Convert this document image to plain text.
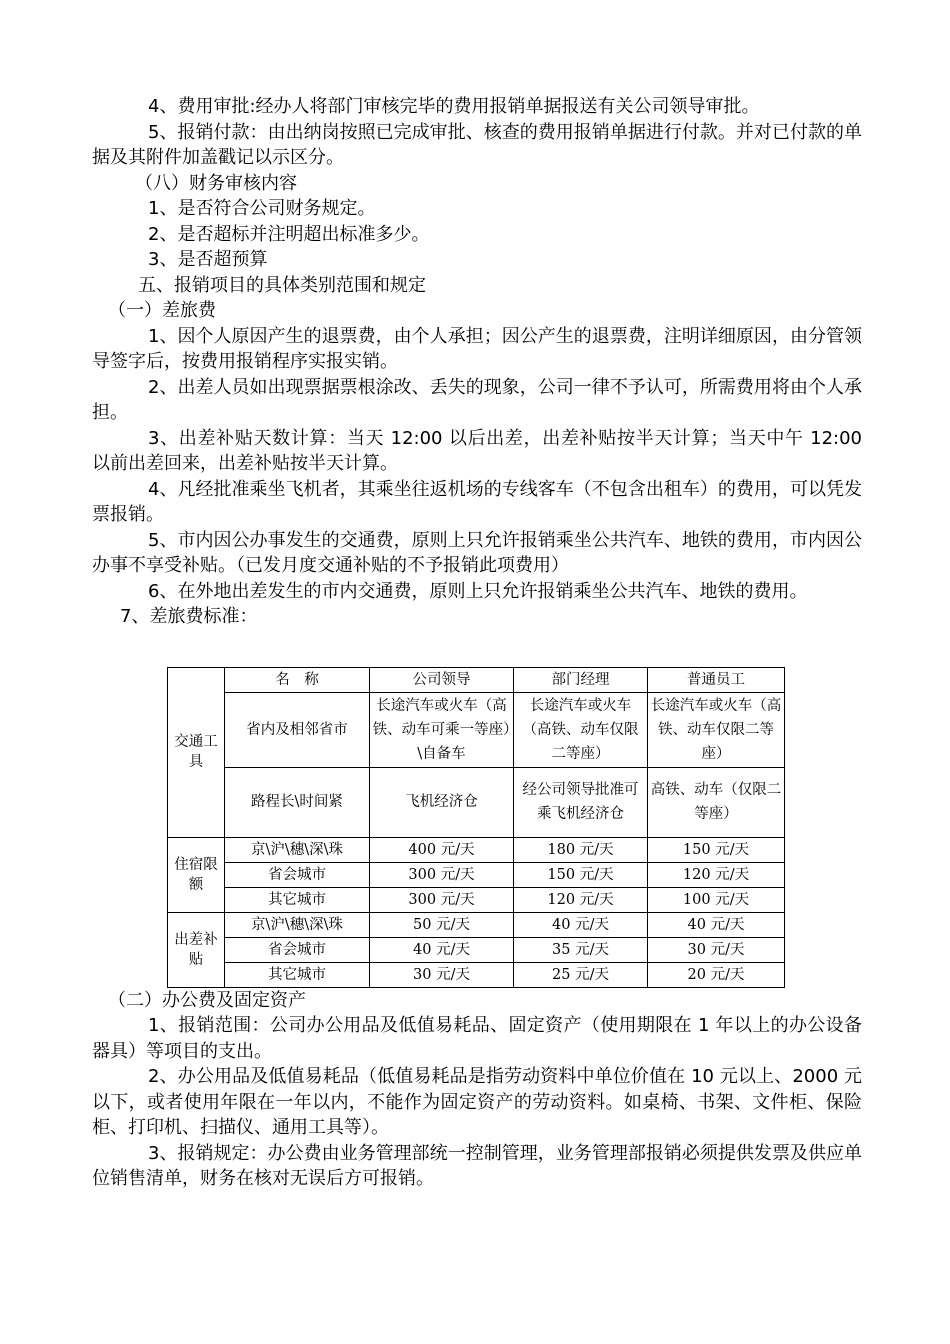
4、费用审批:经办人将部门审核完毕的费用报销单据报送有关公司领导审批。
5、报销付款：由出纳岗按照已完成审批、核查的费用报销单据进行付款。并对已付款的单据及其附件加盖戳记以示区分。
（八）财务审核内容
1、是否符合公司财务规定。
2、是否超标并注明超出标准多少。
3、是否超预算
五、报销项目的具体类别范围和规定
（一）差旅费
1、因个人原因产生的退票费，由个人承担；因公产生的退票费，注明详细原因，由分管领导签字后，按费用报销程序实报实销。
2、出差人员如出现票据票根涂改、丢失的现象，公司一律不予认可，所需费用将由个人承担。
3、出差补贴天数计算：当天 12:00 以后出差，出差补贴按半天计算；当天中午 12:00 以前出差回来，出差补贴按半天计算。
4、凡经批准乘坐飞机者，其乘坐往返机场的专线客车（不包含出租车）的费用，可以凭发票报销。
5、市内因公办事发生的交通费，原则上只允许报销乘坐公共汽车、地铁的费用，市内因公办事不享受补贴。（已发月度交通补贴的不予报销此项费用）
6、在外地出差发生的市内交通费，原则上只允许报销乘坐公共汽车、地铁的费用。
7、差旅费标准：
交通工具	名　称	公司领导	部门经理	普通员工
	省内及相邻省市	长途汽车或火车（高铁、动车可乘一等座）\自备车	长途汽车或火车（高铁、动车仅限二等座）	长途汽车或火车（高铁、动车仅限二等座）
	路程长\时间紧	飞机经济仓	经公司领导批准可乘飞机经济仓	高铁、动车（仅限二等座）
住宿限额	京\沪\穗\深\珠	400 元/天	180 元/天	150 元/天
	省会城市	300 元/天	150 元/天	120 元/天
	其它城市	300 元/天	120 元/天	100 元/天
出差补贴	京\沪\穗\深\珠	50 元/天	40 元/天	40 元/天
	省会城市	40 元/天	35 元/天	30 元/天
	其它城市	30 元/天	25 元/天	20 元/天
（二）办公费及固定资产
1、报销范围：公司办公用品及低值易耗品、固定资产（使用期限在 1 年以上的办公设备器具）等项目的支出。
2、办公用品及低值易耗品（低值易耗品是指劳动资料中单位价值在 10 元以上、2000 元以下，或者使用年限在一年以内，不能作为固定资产的劳动资料。如桌椅、书架、文件柜、保险柜、打印机、扫描仪、通用工具等）。
3、报销规定：办公费由业务管理部统一控制管理，业务管理部报销必须提供发票及供应单位销售清单，财务在核对无误后方可报销。
